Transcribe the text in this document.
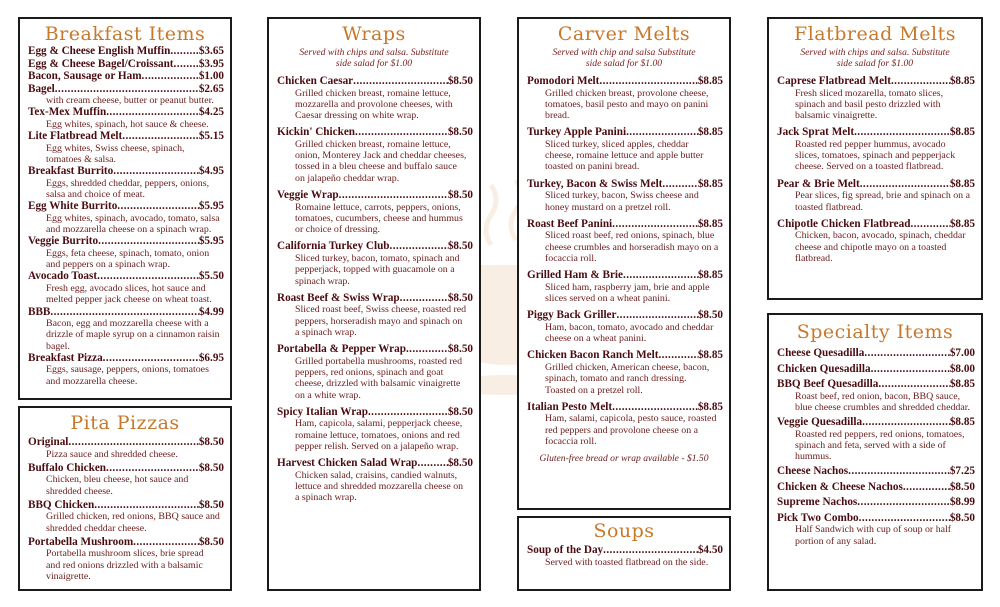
Breakfast Items
Egg & Cheese English Muffin .....	$3.65
Egg & Cheese Bagel/Croissant ..... $3.95
Bacon, Sausage or Ham .....	$1.00
Bagel .....	$2.65
with cream cheese, butter or peanut butter.
Tex-Mex Muffin .....	$4.25
Egg whites, spinach, hot sauce & cheese.
Lite Flatbread Melt .....	$5.15
Egg whites, Swiss cheese, spinach, tomatoes & salsa.
Breakfast Burrito .....	$4.95
Eggs, shredded cheddar, peppers, onions, salsa and choice of meat.
Egg White Burrito .....	$5.95
Egg whites, spinach, avocado, tomato, salsa and mozzarella cheese on a spinach wrap.
Veggie Burrito .....	$5.95
Eggs, feta cheese, spinach, tomato, onion and peppers on a spinach wrap.
Avocado Toast .....	$5.50
Fresh egg, avocado slices, hot sauce and melted pepper jack cheese on wheat toast.
BBB .....	$4.99
Bacon, egg and mozzarella cheese with a drizzle of maple syrup on a cinnamon raisin bagel.
Breakfast Pizza .....	$6.95
Eggs, sausage, peppers, onions, tomatoes and mozzarella cheese.
Pita Pizzas
Original .....	$8.50
Pizza sauce and shredded cheese.
Buffalo Chicken .....	$8.50
Chicken, bleu cheese, hot sauce and shredded cheese.
BBQ Chicken .....	$8.50
Grilled chicken, red onions, BBQ sauce and shredded cheddar cheese.
Portabella Mushroom .....	$8.50
Portabella mushroom slices, brie spread and red onions drizzled with a balsamic vinaigrette.
Wraps
Served with chips and salsa. Substitute side salad for $1.00
Chicken Caesar .....	$8.50
Grilled chicken breast, romaine lettuce, mozzarella and provolone cheeses, with Caesar dressing on white wrap.
Kickin' Chicken .....	$8.50
Grilled chicken breast, romaine lettuce, onion, Monterey Jack and cheddar cheeses, tossed in a bleu cheese and buffalo sauce on jalapeño cheddar wrap.
Veggie Wrap .....	$8.50
Romaine lettuce, carrots, peppers, onions, tomatoes, cucumbers, cheese and hummus or choice of dressing.
California Turkey Club .....	$8.50
Sliced turkey, bacon, tomato, spinach and pepperjack, topped with guacamole on a spinach wrap.
Roast Beef & Swiss Wrap .....	$8.50
Sliced roast beef, Swiss cheese, roasted red peppers, horseradish mayo and spinach on a spinach wrap.
Portabella & Pepper Wrap .....	$8.50
Grilled portabella mushrooms, roasted red peppers, red onions, spinach and goat cheese, drizzled with balsamic vinaigrette on a white wrap.
Spicy Italian Wrap .....	$8.50
Ham, capicola, salami, pepperjack cheese, romaine lettuce, tomatoes, onions and red pepper relish. Served on a jalapeño wrap.
Harvest Chicken Salad Wrap .....	$8.50
Chicken salad, craisins, candied walnuts, lettuce and shredded mozzarella cheese on a spinach wrap.
Carver Melts
Served with chip and salsa Substitute side salad for $1.00
Pomodori Melt .....	$8.85
Grilled chicken breast, provolone cheese, tomatoes, basil pesto and mayo on panini bread.
Turkey Apple Panini .....	$8.85
Sliced turkey, sliced apples, cheddar cheese, romaine lettuce and apple butter toasted on panini bread.
Turkey, Bacon & Swiss Melt .....	$8.85
Sliced turkey, bacon, Swiss cheese and honey mustard on a pretzel roll.
Roast Beef Panini .....	$8.85
Sliced roast beef, red onions, spinach, blue cheese crumbles and horseradish mayo on a focaccia roll.
Grilled Ham & Brie .....	$8.85
Sliced ham, raspberry jam, brie and apple slices served on a wheat panini.
Piggy Back Griller .....	$8.50
Ham, bacon, tomato, avocado and cheddar cheese on a wheat panini.
Chicken Bacon Ranch Melt .....	$8.85
Grilled chicken, American cheese, bacon, spinach, tomato and ranch dressing. Toasted on a pretzel roll.
Italian Pesto Melt .....	$8.85
Ham, salami, capicola, pesto sauce, roasted red peppers and provolone cheese on a focaccia roll.
Gluten-free bread or wrap available - $1.50
Soups
Soup of the Day .....	$4.50
Served with toasted flatbread on the side.
Flatbread Melts
Served with chips and salsa. Substitute side salad for $1.00
Caprese Flatbread Melt .....	$8.85
Fresh sliced mozarella, tomato slices, spinach and basil pesto drizzled with balsamic vinaigrette.
Jack Sprat Melt .....	$8.85
Roasted red pepper hummus, avocado slices, tomatoes, spinach and pepperjack cheese. Served on a toasted flatbread.
Pear & Brie Melt .....	$8.85
Pear slices, fig spread, brie and spinach on a toasted flatbread.
Chipotle Chicken Flatbread .....	$8.85
Chicken, bacon, avocado, spinach, cheddar cheese and chipotle mayo on a toasted flatbread.
Specialty Items
Cheese Quesadilla .....	$7.00
Chicken Quesadilla .....	$8.00
BBQ Beef Quesadilla .....	$8.85
Roast beef, red onion, bacon, BBQ sauce, blue cheese crumbles and shredded cheddar.
Veggie Quesadilla .....	$8.85
Roasted red peppers, red onions, tomatoes, spinach and feta, served with a side of hummus.
Cheese Nachos .....	$7.25
Chicken & Cheese Nachos .....	$8.50
Supreme Nachos .....	$8.99
Pick Two Combo .....	$8.50
Half Sandwich with cup of soup or half portion of any salad.
